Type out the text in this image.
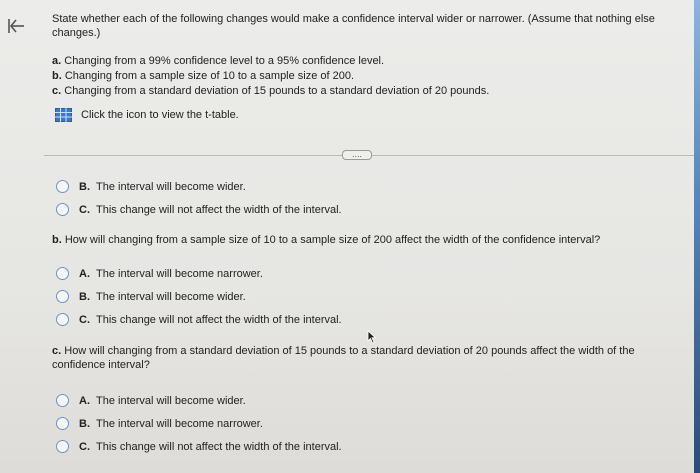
State whether each of the following changes would make a confidence interval wider or narrower. (Assume that nothing else changes.)
a. Changing from a 99% confidence level to a 95% confidence level.
b. Changing from a sample size of 10 to a sample size of 200.
c. Changing from a standard deviation of 15 pounds to a standard deviation of 20 pounds.
Click the icon to view the t-table.
....
B. The interval will become wider.
C. This change will not affect the width of the interval.
b. How will changing from a sample size of 10 to a sample size of 200 affect the width of the confidence interval?
A. The interval will become narrower.
B. The interval will become wider.
C. This change will not affect the width of the interval.
c. How will changing from a standard deviation of 15 pounds to a standard deviation of 20 pounds affect the width of the confidence interval?
A. The interval will become wider.
B. The interval will become narrower.
C. This change will not affect the width of the interval.
